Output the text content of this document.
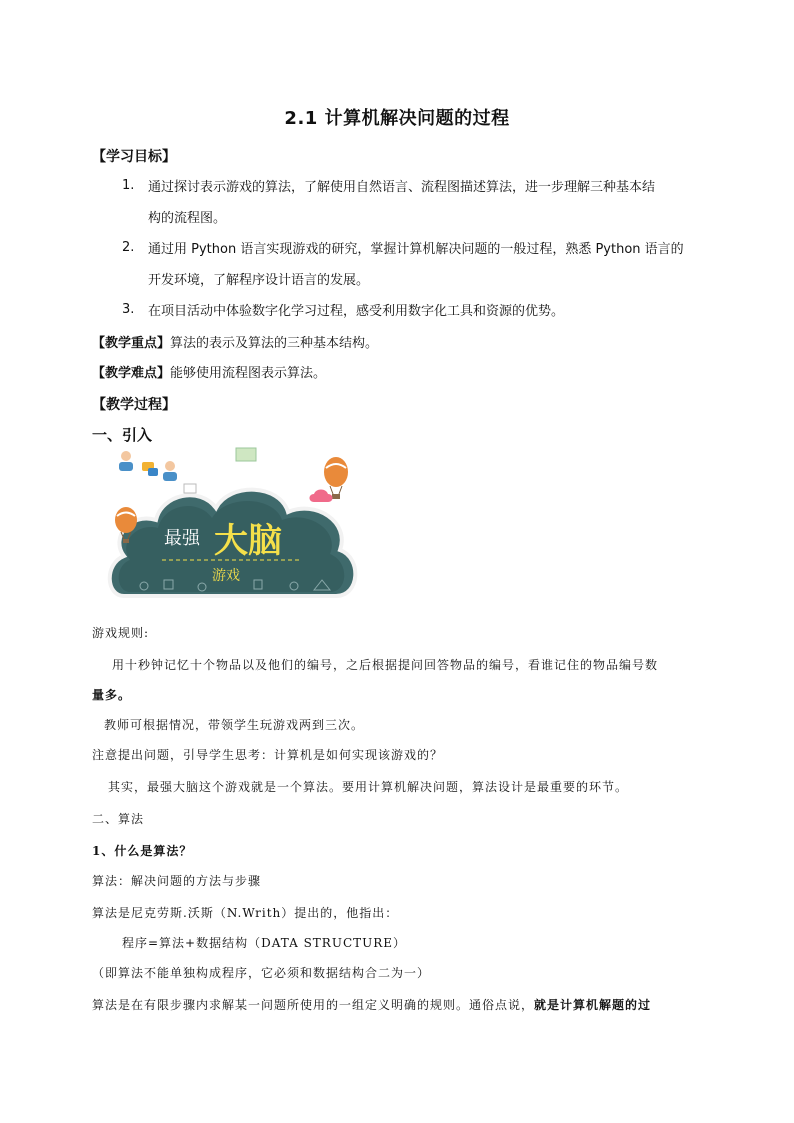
2.1 计算机解决问题的过程
【学习目标】
1. 通过探讨表示游戏的算法，了解使用自然语言、流程图描述算法，进一步理解三种基本结
构的流程图。
2. 通过用 Python 语言实现游戏的研究，掌握计算机解决问题的一般过程，熟悉 Python 语言的
开发环境，了解程序设计语言的发展。
3. 在项目活动中体验数字化学习过程，感受利用数字化工具和资源的优势。
【教学重点】算法的表示及算法的三种基本结构。
【教学难点】能够使用流程图表示算法。
【教学过程】
一、引入
最强 大脑
游戏
游戏规则:
用十秒钟记忆十个物品以及他们的编号，之后根据提问回答物品的编号，看谁记住的物品编号数
量多。
教师可根据情况，带领学生玩游戏两到三次。
注意提出问题，引导学生思考：计算机是如何实现该游戏的？
其实，最强大脑这个游戏就是一个算法。要用计算机解决问题，算法设计是最重要的环节。
二、算法
1、什么是算法？
算法：解决问题的方法与步骤
算法是尼克劳斯.沃斯（N.Writh）提出的，他指出：
程序=算法+数据结构（DATA STRUCTURE）
（即算法不能单独构成程序，它必须和数据结构合二为一）
算法是在有限步骤内求解某一问题所使用的一组定义明确的规则。通俗点说，就是计算机解题的过
